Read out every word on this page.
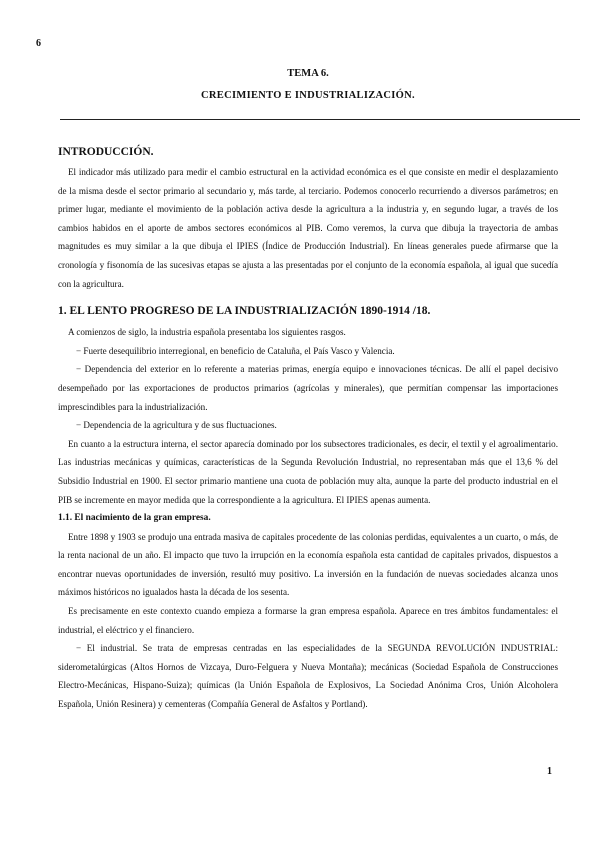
6
TEMA 6.
CRECIMIENTO E INDUSTRIALIZACIÓN.

INTRODUCCIÓN.

El indicador más utilizado para medir el cambio estructural en la actividad económica es el que consiste en medir el desplazamiento de la misma desde el sector primario al secundario y, más tarde, al terciario. Podemos conocerlo recurriendo a diversos parámetros; en primer lugar, mediante el movimiento de la población activa desde la agricultura a la industria y, en segundo lugar, a través de los cambios habidos en el aporte de ambos sectores económicos al PIB. Como veremos, la curva que dibuja la trayectoria de ambas magnitudes es muy similar a la que dibuja el IPIES (Índice de Producción Industrial). En líneas generales puede afirmarse que la cronología y fisonomía de las sucesivas etapas se ajusta a las presentadas por el conjunto de la economía española, al igual que sucedía con la agricultura.

1. EL LENTO PROGRESO DE LA INDUSTRIALIZACIÓN 1890-1914 /18.

A comienzos de siglo, la industria española presentaba los siguientes rasgos.

− Fuerte desequilibrio interregional, en beneficio de Cataluña, el País Vasco y Valencia.

− Dependencia del exterior en lo referente a materias primas, energía equipo e innovaciones técnicas. De allí el papel decisivo desempeñado por las exportaciones de productos primarios (agrícolas y minerales), que permitían compensar las importaciones imprescindibles para la industrialización.

− Dependencia de la agricultura y de sus fluctuaciones.

En cuanto a la estructura interna, el sector aparecía dominado por los subsectores tradicionales, es decir, el textil y el agroalimentario. Las industrias mecánicas y químicas, características de la Segunda Revolución Industrial, no representaban más que el 13,6 % del Subsidio Industrial en 1900. El sector primario mantiene una cuota de población muy alta, aunque la parte del producto industrial en el PIB se incremente en mayor medida que la correspondiente a la agricultura. El IPIES apenas aumenta.

1.1. El nacimiento de la gran empresa.

Entre 1898 y 1903 se produjo una entrada masiva de capitales procedente de las colonias perdidas, equivalentes a un cuarto, o más, de la renta nacional de un año. El impacto que tuvo la irrupción en la economía española esta cantidad de capitales privados, dispuestos a encontrar nuevas oportunidades de inversión, resultó muy positivo. La inversión en la fundación de nuevas sociedades alcanza unos máximos históricos no igualados hasta la década de los sesenta.

Es precisamente en este contexto cuando empieza a formarse la gran empresa española. Aparece en tres ámbitos fundamentales: el industrial, el eléctrico y el financiero.

− El industrial. Se trata de empresas centradas en las especialidades de la SEGUNDA REVOLUCIÓN INDUSTRIAL: siderometalúrgicas (Altos Hornos de Vizcaya, Duro-Felguera y Nueva Montaña); mecánicas (Sociedad Española de Construcciones Electro-Mecánicas, Hispano-Suiza); químicas (la Unión Española de Explosivos, La Sociedad Anónima Cros, Unión Alcoholera Española, Unión Resinera) y cementeras (Compañía General de Asfaltos y Portland).

1
